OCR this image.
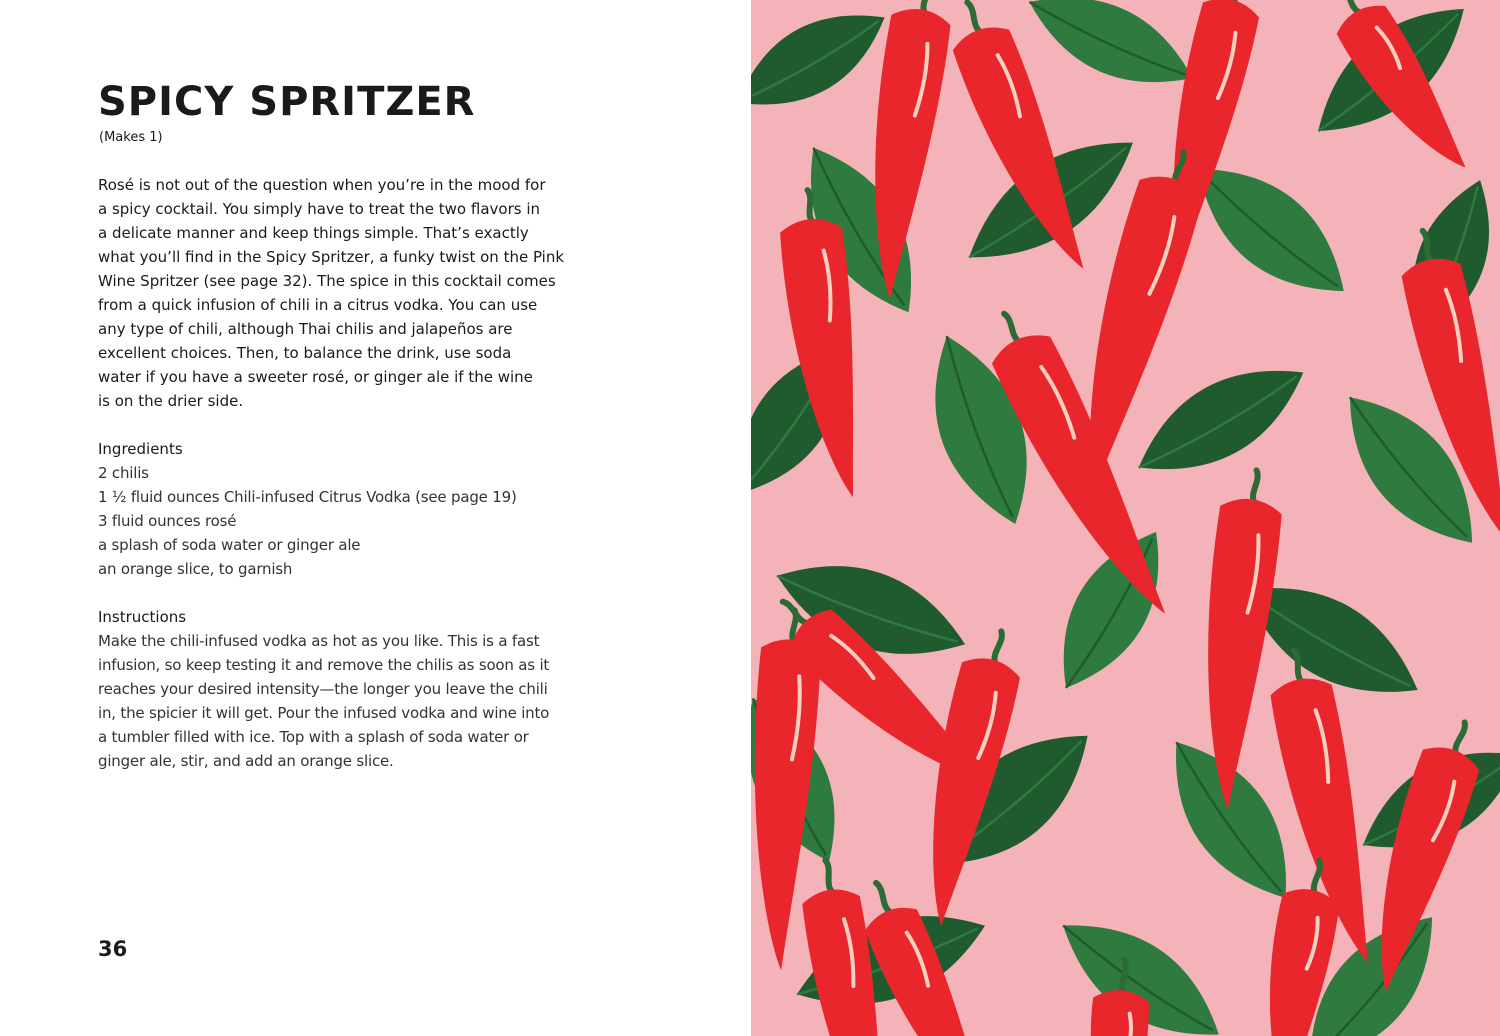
SPICY SPRITZER
(Makes 1)

Rosé is not out of the question when you’re in the mood for
a spicy cocktail. You simply have to treat the two flavors in
a delicate manner and keep things simple. That’s exactly
what you’ll find in the Spicy Spritzer, a funky twist on the Pink
Wine Spritzer (see page 32). The spice in this cocktail comes
from a quick infusion of chili in a citrus vodka. You can use
any type of chili, although Thai chilis and jalapeños are
excellent choices. Then, to balance the drink, use soda
water if you have a sweeter rosé, or ginger ale if the wine
is on the drier side.

Ingredients
2 chilis
1 ½ fluid ounces Chili-infused Citrus Vodka (see page 19)
3 fluid ounces rosé
a splash of soda water or ginger ale
an orange slice, to garnish
Instructions

Make the chili-infused vodka as hot as you like. This is a fast
infusion, so keep testing it and remove the chilis as soon as it
reaches your desired intensity—the longer you leave the chili
in, the spicier it will get. Pour the infused vodka and wine into
a tumbler filled with ice. Top with a splash of soda water or
ginger ale, stir, and add an orange slice.

36
